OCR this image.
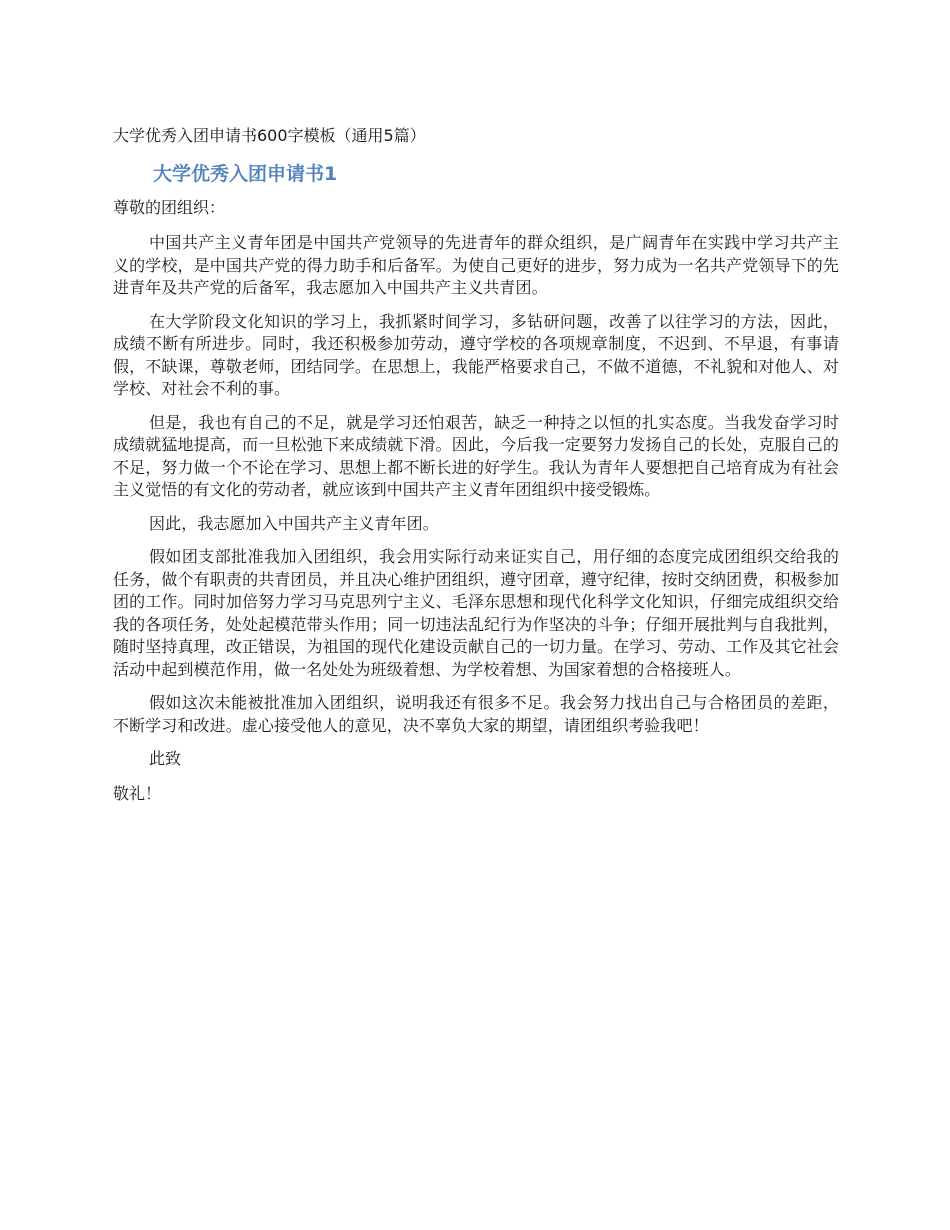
大学优秀入团申请书600字模板（通用5篇）
大学优秀入团申请书1
尊敬的团组织：

中国共产主义青年团是中国共产党领导的先进青年的群众组织，是广阔青年在实践中学习共产主义的学校，是中国共产党的得力助手和后备军。为使自己更好的进步，努力成为一名共产党领导下的先进青年及共产党的后备军，我志愿加入中国共产主义共青团。

在大学阶段文化知识的学习上，我抓紧时间学习，多钻研问题，改善了以往学习的方法，因此，成绩不断有所进步。同时，我还积极参加劳动，遵守学校的各项规章制度，不迟到、不早退，有事请假，不缺课，尊敬老师，团结同学。在思想上，我能严格要求自己，不做不道德，不礼貌和对他人、对学校、对社会不利的事。

但是，我也有自己的不足，就是学习还怕艰苦，缺乏一种持之以恒的扎实态度。当我发奋学习时成绩就猛地提高，而一旦松弛下来成绩就下滑。因此，今后我一定要努力发扬自己的长处，克服自己的不足，努力做一个不论在学习、思想上都不断长进的好学生。我认为青年人要想把自己培育成为有社会主义觉悟的有文化的劳动者，就应该到中国共产主义青年团组织中接受锻炼。

因此，我志愿加入中国共产主义青年团。

假如团支部批准我加入团组织，我会用实际行动来证实自己，用仔细的态度完成团组织交给我的任务，做个有职责的共青团员，并且决心维护团组织，遵守团章，遵守纪律，按时交纳团费，积极参加团的工作。同时加倍努力学习马克思列宁主义、毛泽东思想和现代化科学文化知识，仔细完成组织交给我的各项任务，处处起模范带头作用；同一切违法乱纪行为作坚决的斗争；仔细开展批判与自我批判，随时坚持真理，改正错误，为祖国的现代化建设贡献自己的一切力量。在学习、劳动、工作及其它社会活动中起到模范作用，做一名处处为班级着想、为学校着想、为国家着想的合格接班人。

假如这次未能被批准加入团组织，说明我还有很多不足。我会努力找出自己与合格团员的差距，不断学习和改进。虚心接受他人的意见，决不辜负大家的期望，请团组织考验我吧！

此致
敬礼！
